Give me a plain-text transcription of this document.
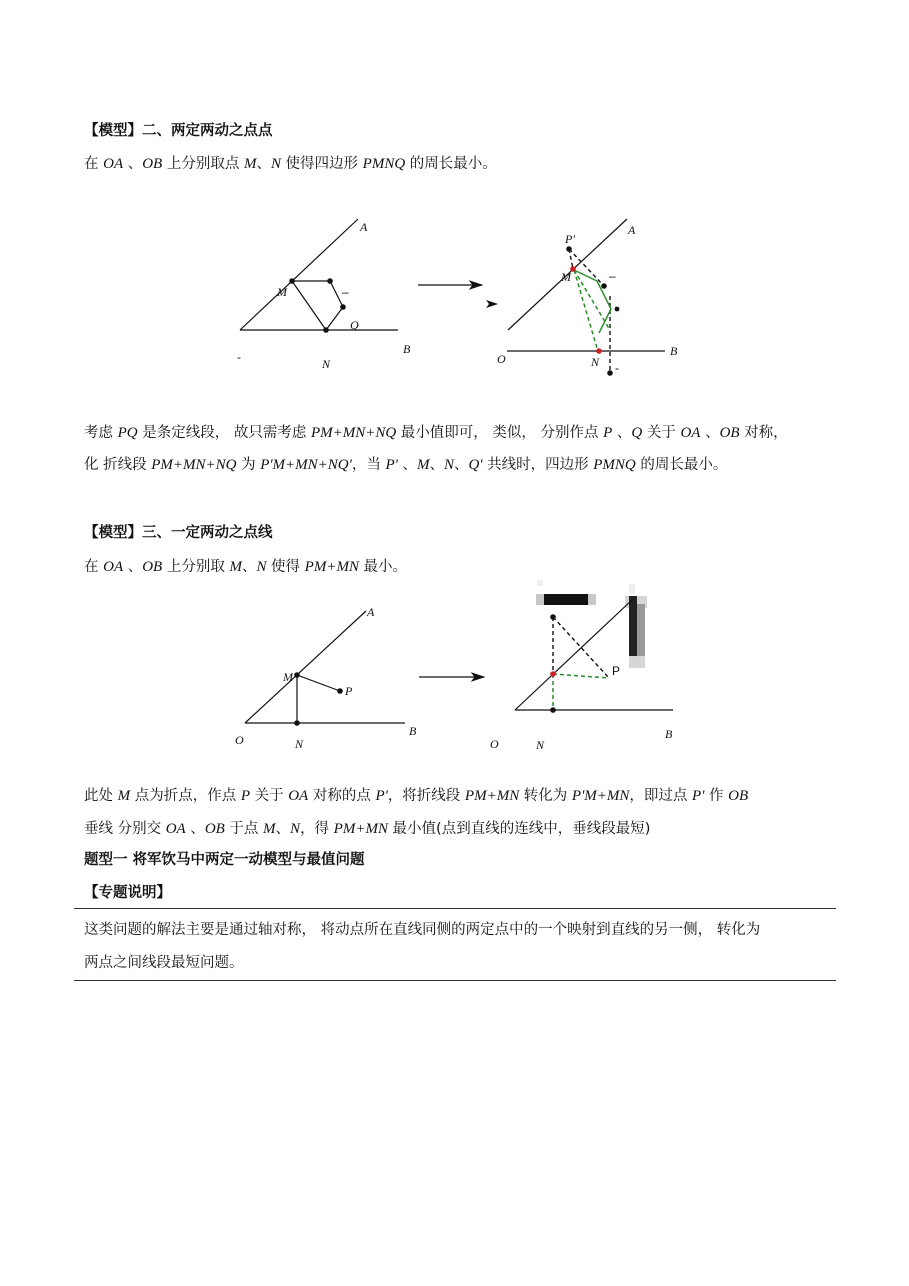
【模型】二、两定两动之点点
在 OA 、OB 上分别取点 M、N 使得四边形 PMNQ 的周长最小。
A
M	–
Q
-	N
B
P'
A
M	–
O	N -
B
A
M
P
O	N
B
P
O	N
B
考虑 PQ 是条定线段， 故只需考虑 PM+MN+NQ 最小值即可， 类似， 分别作点 P 、Q 关于 OA 、OB 对称，
化 折线段 PM+MN+NQ 为 P'M+MN+NQ'，当 P' 、M、N、Q' 共线时，四边形 PMNQ 的周长最小。
【模型】三、一定两动之点线
在 OA 、OB 上分别取 M、N 使得 PM+MN 最小。
此处 M 点为折点，作点 P 关于 OA 对称的点 P'，将折线段 PM+MN 转化为 P'M+MN，即过点 P' 作 OB
垂线 分别交 OA 、OB 于点 M、N，得 PM+MN 最小值(点到直线的连线中，垂线段最短)
题型一 将军饮马中两定一动模型与最值问题
【专题说明】
这类问题的解法主要是通过轴对称， 将动点所在直线同侧的两定点中的一个映射到直线的另一侧， 转化为
两点之间线段最短问题。
